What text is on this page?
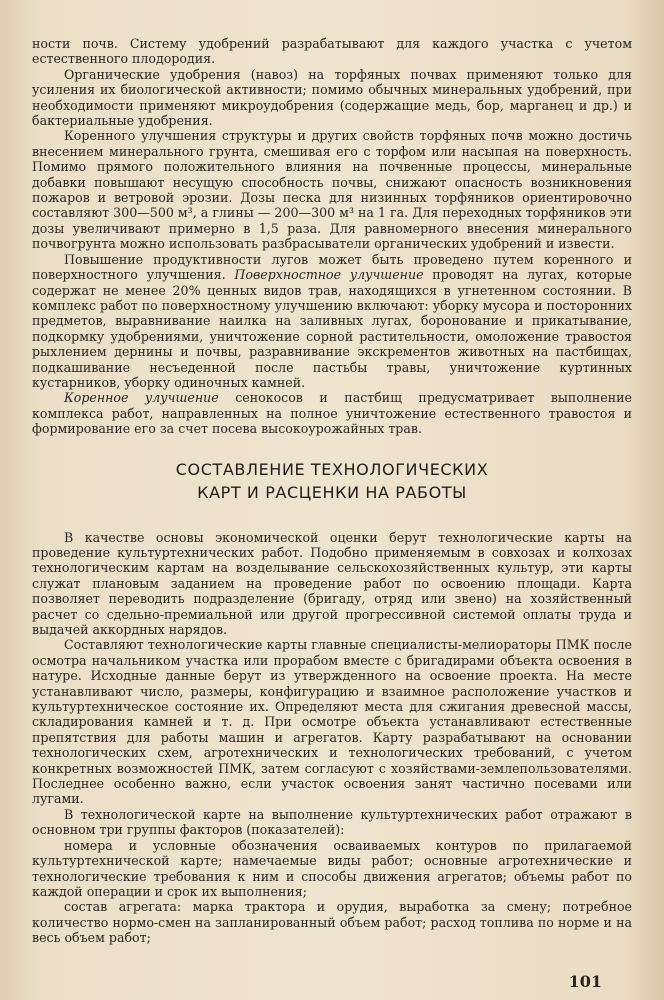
ности почв. Систему удобрений разрабатывают для каждого участка с учетом естественного плодородия.

Органические удобрения (навоз) на торфяных почвах применяют только для усиления их биологической активности; помимо обычных минеральных удобрений, при необходимости применяют микроудобрения (содержащие медь, бор, марганец и др.) и бактериальные удобрения.

Коренного улучшения структуры и других свойств торфяных почв можно достичь внесением минерального грунта, смешивая его с торфом или насыпая на поверхность. Помимо прямого положительного влияния на почвенные процессы, минеральные добавки повышают несущую способность почвы, снижают опасность возникновения пожаров и ветровой эрозии. Дозы песка для низинных торфяников ориентировочно составляют 300—500 м³, а глины — 200—300 м³ на 1 га. Для переходных торфяников эти дозы увеличивают примерно в 1,5 раза. Для равномерного внесения минерального почвогрунта можно использовать разбрасыватели органических удобрений и извести.

Повышение продуктивности лугов может быть проведено путем коренного и поверхностного улучшения. Поверхностное улучшение проводят на лугах, которые содержат не менее 20% ценных видов трав, находящихся в угнетенном состоянии. В комплекс работ по поверхностному улучшению включают: уборку мусора и посторонних предметов, выравнивание наилка на заливных лугах, боронование и прикатывание, подкормку удобрениями, уничтожение сорной растительности, омоложение травостоя рыхлением дернины и почвы, разравнивание экскрементов животных на пастбищах, подкашивание несъеденной после пастьбы травы, уничтожение куртинных кустарников, уборку одиночных камней.

Коренное улучшение сенокосов и пастбищ предусматривает выполнение комплекса работ, направленных на полное уничтожение естественного травостоя и формирование его за счет посева высокоурожайных трав.

СОСТАВЛЕНИЕ ТЕХНОЛОГИЧЕСКИХ
КАРТ И РАСЦЕНКИ НА РАБОТЫ

В качестве основы экономической оценки берут технологические карты на проведение культуртехнических работ. Подобно применяемым в совхозах и колхозах технологическим картам на возделывание сельскохозяйственных культур, эти карты служат плановым заданием на проведение работ по освоению площади. Карта позволяет переводить подразделение (бригаду, отряд или звено) на хозяйственный расчет со сдельно-премиальной или другой прогрессивной системой оплаты труда и выдачей аккордных нарядов.

Составляют технологические карты главные специалисты-мелиораторы ПМК после осмотра начальником участка или прорабом вместе с бригадирами объекта освоения в натуре. Исходные данные берут из утвержденного на освоение проекта. На месте устанавливают число, размеры, конфигурацию и взаимное расположение участков и культуртехническое состояние их. Определяют места для сжигания древесной массы, складирования камней и т. д. При осмотре объекта устанавливают естественные препятствия для работы машин и агрегатов. Карту разрабатывают на основании технологических схем, агротехнических и технологических требований, с учетом конкретных возможностей ПМК, затем согласуют с хозяйствами-землепользователями. Последнее особенно важно, если участок освоения занят частично посевами или лугами.

В технологической карте на выполнение культуртехнических работ отражают в основном три группы факторов (показателей):

номера и условные обозначения осваиваемых контуров по прилагаемой культуртехнической карте; намечаемые виды работ; основные агротехнические и технологические требования к ним и способы движения агрегатов; объемы работ по каждой операции и срок их выполнения;

состав агрегата: марка трактора и орудия, выработка за смену; потребное количество нормо-смен на запланированный объем работ; расход топлива по норме и на весь объем работ;

101
